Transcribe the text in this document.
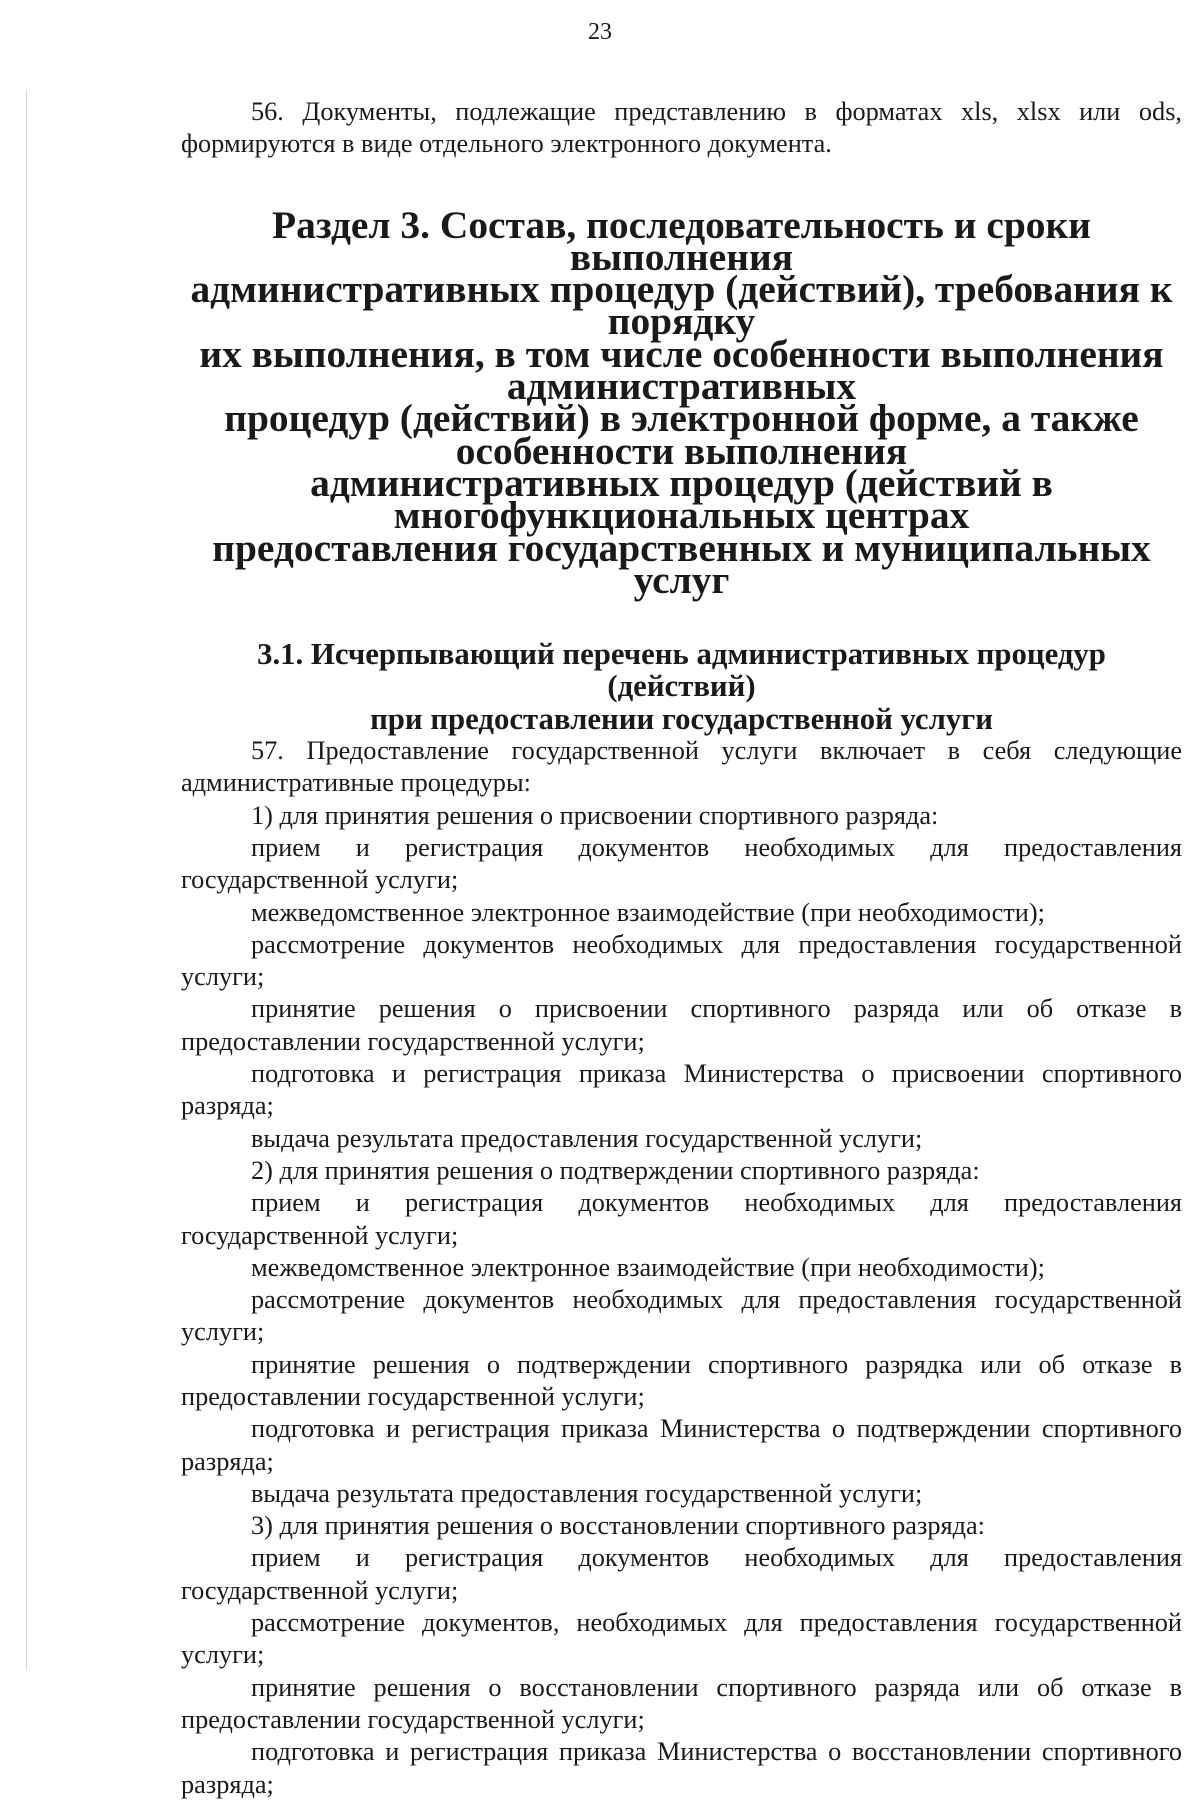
23

56. Документы, подлежащие представлению в форматах xls, xlsx или ods, формируются в виде отдельного электронного документа.

Раздел 3. Состав, последовательность и сроки выполнения
административных процедур (действий), требования к порядку
их выполнения, в том числе особенности выполнения административных
процедур (действий) в электронной форме, а также особенности выполнения
административных процедур (действий в многофункциональных центрах
предоставления государственных и муниципальных услуг
3.1. Исчерпывающий перечень административных процедур (действий)
при предоставлении государственной услуги

57. Предоставление государственной услуги включает в себя следующие административные процедуры:

1) для принятия решения о присвоении спортивного разряда:

прием и регистрация документов необходимых для предоставления государственной услуги;

межведомственное электронное взаимодействие (при необходимости);

рассмотрение документов необходимых для предоставления государственной услуги;

принятие решения о присвоении спортивного разряда или об отказе в предоставлении государственной услуги;

подготовка и регистрация приказа Министерства о присвоении спортивного разряда;

выдача результата предоставления государственной услуги;

2) для принятия решения о подтверждении спортивного разряда:

прием и регистрация документов необходимых для предоставления государственной услуги;

межведомственное электронное взаимодействие (при необходимости);

рассмотрение документов необходимых для предоставления государственной услуги;

принятие решения о подтверждении спортивного разрядка или об отказе в предоставлении государственной услуги;

подготовка и регистрация приказа Министерства о подтверждении спортивного разряда;

выдача результата предоставления государственной услуги;

3) для принятия решения о восстановлении спортивного разряда:

прием и регистрация документов необходимых для предоставления государственной услуги;

рассмотрение документов, необходимых для предоставления государственной услуги;

принятие решения о восстановлении спортивного разряда или об отказе в предоставлении государственной услуги;

подготовка и регистрация приказа Министерства о восстановлении спортивного разряда;
